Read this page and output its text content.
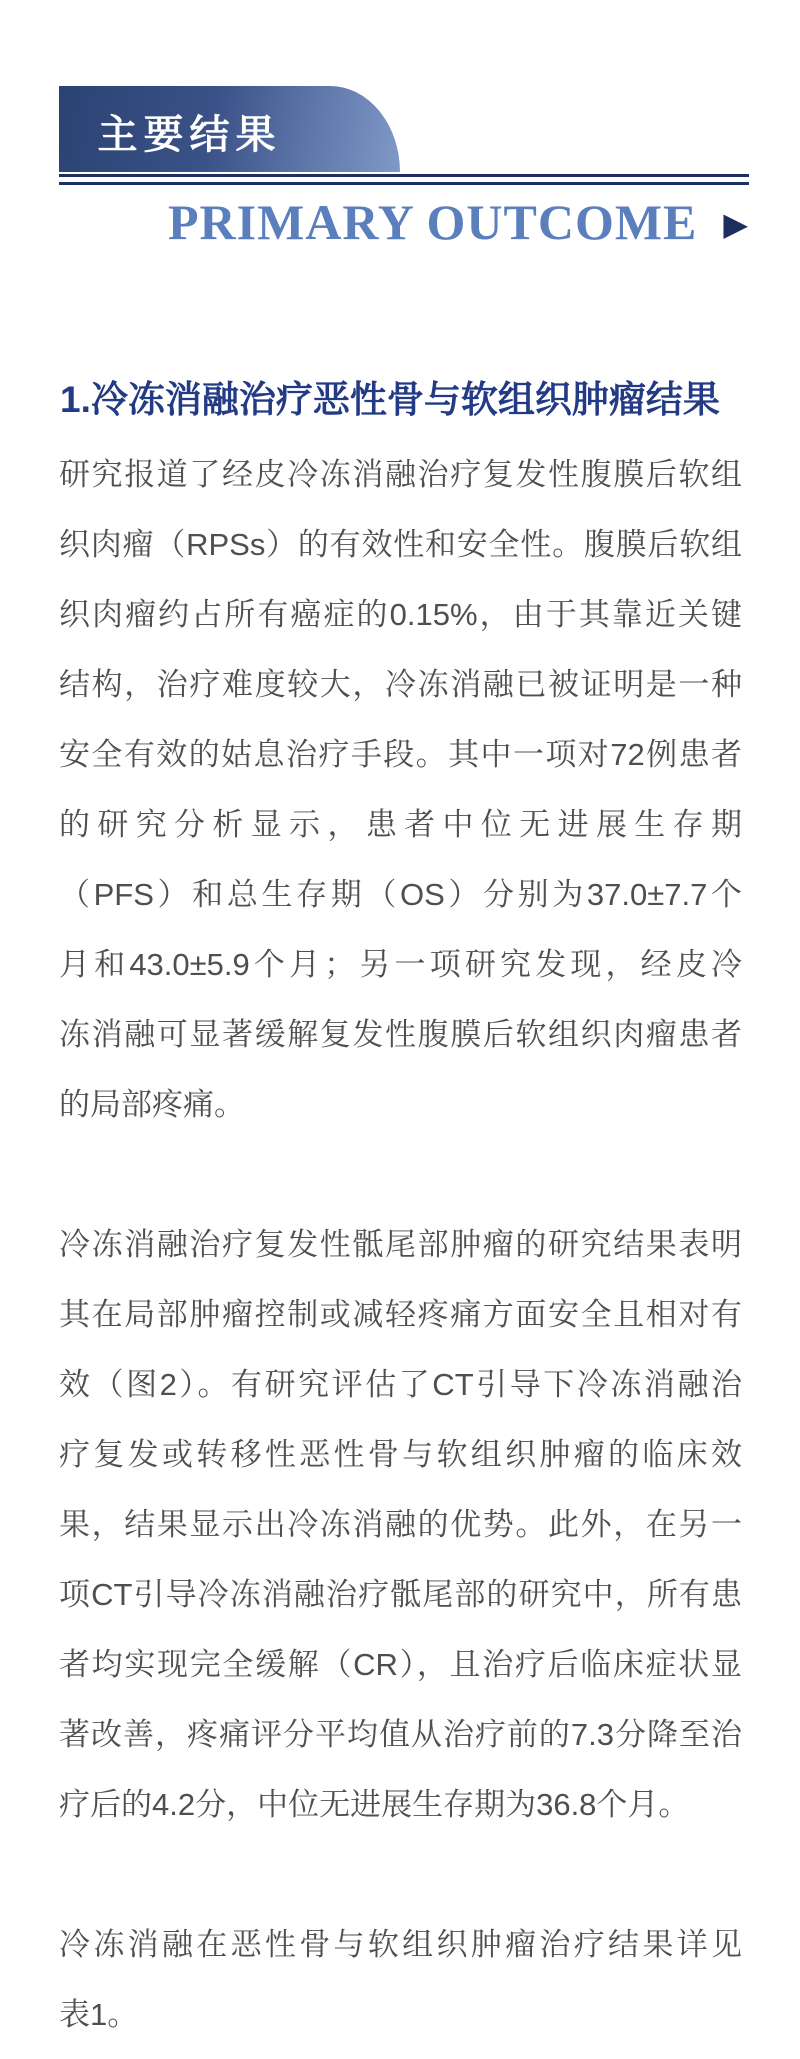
主要结果
PRIMARY OUTCOME ▶
1.冷冻消融治疗恶性骨与软组织肿瘤结果
研究报道了经皮冷冻消融治疗复发性腹膜后软组
织肉瘤（RPSs）的有效性和安全性。腹膜后软组
织肉瘤约占所有癌症的0.15%，由于其靠近关键
结构，治疗难度较大，冷冻消融已被证明是一种
安全有效的姑息治疗手段。其中一项对72例患者
的研究分析显示，患者中位无进展生存期
（PFS）和总生存期（OS）分别为37.0±7.7个
月和43.0±5.9个月；另一项研究发现，经皮冷
冻消融可显著缓解复发性腹膜后软组织肉瘤患者
的局部疼痛。
冷冻消融治疗复发性骶尾部肿瘤的研究结果表明
其在局部肿瘤控制或减轻疼痛方面安全且相对有
效（图2）。有研究评估了CT引导下冷冻消融治
疗复发或转移性恶性骨与软组织肿瘤的临床效
果，结果显示出冷冻消融的优势。此外，在另一
项CT引导冷冻消融治疗骶尾部的研究中，所有患
者均实现完全缓解（CR），且治疗后临床症状显
著改善，疼痛评分平均值从治疗前的7.3分降至治
疗后的4.2分，中位无进展生存期为36.8个月。
冷冻消融在恶性骨与软组织肿瘤治疗结果详见
表1。
